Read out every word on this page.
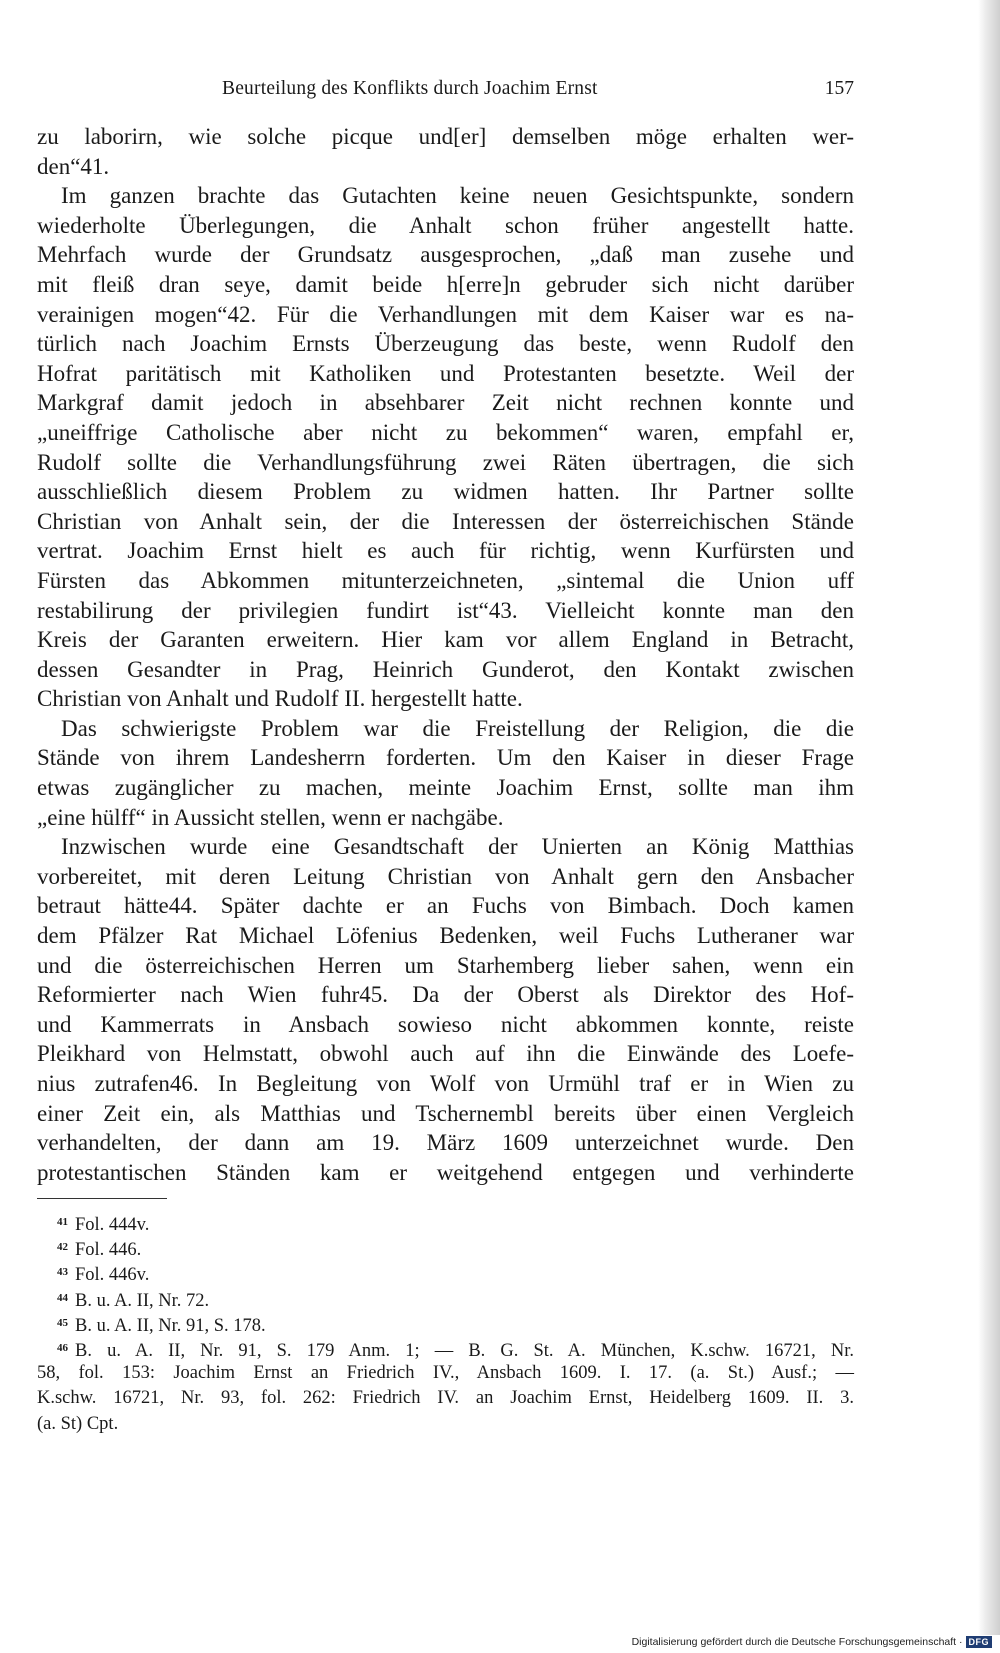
Beurteilung des Konflikts durch Joachim Ernst	157
zu laborirn, wie solche picque und[er] demselben möge erhalten wer-
den“41.
Im ganzen brachte das Gutachten keine neuen Gesichtspunkte, sondern
wiederholte Überlegungen, die Anhalt schon früher angestellt hatte.
Mehrfach wurde der Grundsatz ausgesprochen, „daß man zusehe und
mit fleiß dran seye, damit beide h[erre]n gebruder sich nicht darüber
verainigen mogen“42. Für die Verhandlungen mit dem Kaiser war es na-
türlich nach Joachim Ernsts Überzeugung das beste, wenn Rudolf den
Hofrat paritätisch mit Katholiken und Protestanten besetzte. Weil der
Markgraf damit jedoch in absehbarer Zeit nicht rechnen konnte und
„uneiffrige Catholische aber nicht zu bekommen“ waren, empfahl er,
Rudolf sollte die Verhandlungsführung zwei Räten übertragen, die sich
ausschließlich diesem Problem zu widmen hatten. Ihr Partner sollte
Christian von Anhalt sein, der die Interessen der österreichischen Stände
vertrat. Joachim Ernst hielt es auch für richtig, wenn Kurfürsten und
Fürsten das Abkommen mitunterzeichneten, „sintemal die Union uff
restabilirung der privilegien fundirt ist“43. Vielleicht konnte man den
Kreis der Garanten erweitern. Hier kam vor allem England in Betracht,
dessen Gesandter in Prag, Heinrich Gunderot, den Kontakt zwischen
Christian von Anhalt und Rudolf II. hergestellt hatte.
Das schwierigste Problem war die Freistellung der Religion, die die
Stände von ihrem Landesherrn forderten. Um den Kaiser in dieser Frage
etwas zugänglicher zu machen, meinte Joachim Ernst, sollte man ihm
„eine hülff“ in Aussicht stellen, wenn er nachgäbe.
Inzwischen wurde eine Gesandtschaft der Unierten an König Matthias
vorbereitet, mit deren Leitung Christian von Anhalt gern den Ansbacher
betraut hätte44. Später dachte er an Fuchs von Bimbach. Doch kamen
dem Pfälzer Rat Michael Löfenius Bedenken, weil Fuchs Lutheraner war
und die österreichischen Herren um Starhemberg lieber sahen, wenn ein
Reformierter nach Wien fuhr45. Da der Oberst als Direktor des Hof-
und Kammerrats in Ansbach sowieso nicht abkommen konnte, reiste
Pleikhard von Helmstatt, obwohl auch auf ihn die Einwände des Loefe-
nius zutrafen46. In Begleitung von Wolf von Urmühl traf er in Wien zu
einer Zeit ein, als Matthias und Tschernembl bereits über einen Vergleich
verhandelten, der dann am 19. März 1609 unterzeichnet wurde. Den
protestantischen Ständen kam er weitgehend entgegen und verhinderte
$^{41}$ Fol. 444v.
$^{42}$ Fol. 446.
$^{43}$ Fol. 446v.
$^{44}$ B. u. A. II, Nr. 72.
$^{45}$ B. u. A. II, Nr. 91, S. 178.
$^{46}$ B. u. A. II, Nr. 91, S. 179 Anm. 1; — B. G. St. A. München, K.schw. 16721, Nr.
58, fol. 153: Joachim Ernst an Friedrich IV., Ansbach 1609. I. 17. (a. St.) Ausf.; —
K.schw. 16721, Nr. 93, fol. 262: Friedrich IV. an Joachim Ernst, Heidelberg 1609. II. 3.
(a. St) Cpt.
Digitalisierung gefördert durch die Deutsche Forschungsgemeinschaft · DFG
